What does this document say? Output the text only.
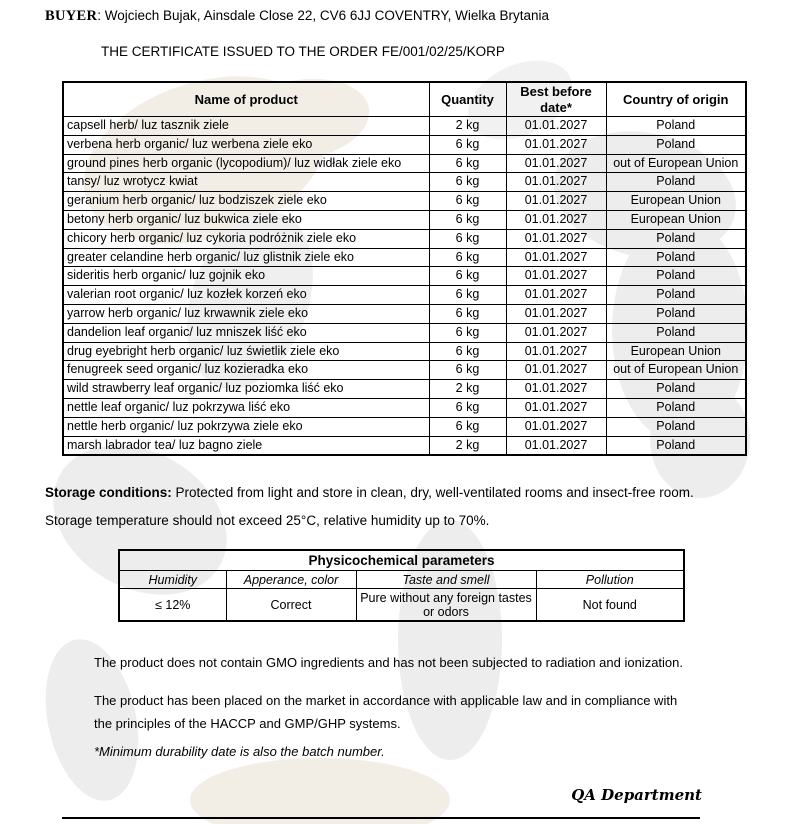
BUYER: Wojciech Bujak, Ainsdale Close 22, CV6 6JJ COVENTRY, Wielka Brytania
THE CERTIFICATE ISSUED TO THE ORDER FE/001/02/25/KORP
Name of product	Quantity	Best before date*	Country of origin
capsell herb/ luz tasznik ziele	2 kg	01.01.2027	Poland
verbena herb organic/ luz werbena ziele eko	6 kg	01.01.2027	Poland
ground pines herb organic (lycopodium)/ luz widłak ziele eko	6 kg	01.01.2027	out of European Union
tansy/ luz wrotycz kwiat	6 kg	01.01.2027	Poland
geranium herb organic/ luz bodziszek ziele eko	6 kg	01.01.2027	European Union
betony herb organic/ luz bukwica ziele eko	6 kg	01.01.2027	European Union
chicory herb organic/ luz cykoria podróżnik ziele eko	6 kg	01.01.2027	Poland
greater celandine herb organic/ luz glistnik ziele eko	6 kg	01.01.2027	Poland
sideritis herb organic/ luz gojnik eko	6 kg	01.01.2027	Poland
valerian root organic/ luz kozłek korzeń eko	6 kg	01.01.2027	Poland
yarrow herb organic/ luz krwawnik ziele eko	6 kg	01.01.2027	Poland
dandelion leaf organic/ luz mniszek liść eko	6 kg	01.01.2027	Poland
drug eyebright herb organic/ luz świetlik ziele eko	6 kg	01.01.2027	European Union
fenugreek seed organic/ luz kozieradka eko	6 kg	01.01.2027	out of European Union
wild strawberry leaf organic/ luz poziomka liść eko	2 kg	01.01.2027	Poland
nettle leaf organic/ luz pokrzywa liść eko	6 kg	01.01.2027	Poland
nettle herb organic/ luz pokrzywa ziele eko	6 kg	01.01.2027	Poland
marsh labrador tea/ luz bagno ziele	2 kg	01.01.2027	Poland
Storage conditions: Protected from light and store in clean, dry, well-ventilated rooms and insect-free room.
Storage temperature should not exceed 25°C, relative humidity up to 70%.
Physicochemical parameters			
Humidity	Apperance, color	Taste and smell	Pollution
≤ 12%	Correct	Pure without any foreign tastes or odors	Not found
The product does not contain GMO ingredients and has not been subjected to radiation and ionization.
The product has been placed on the market in accordance with applicable law and in compliance with
the principles of the HACCP and GMP/GHP systems.
*Minimum durability date is also the batch number.
QA Department
